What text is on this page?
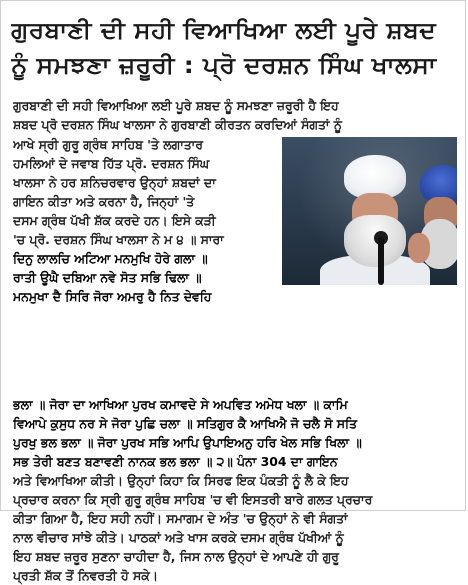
ਗੁਰਬਾਣੀ ਦੀ ਸਹੀ ਵਿਆਖਿਆ ਲਈ ਪੂਰੇ ਸ਼ਬਦ
ਨੂੰ ਸਮਝਣਾ ਜ਼ਰੂਰੀ : ਪ੍ਰੋ ਦਰਸ਼ਨ ਸਿੰਘ ਖਾਲਸਾ
ਗੁਰਬਾਣੀ ਦੀ ਸਹੀ ਵਿਆਖਿਆ ਲਈ ਪੂਰੇ ਸ਼ਬਦ ਨੂੰ ਸਮਝਣਾ ਜ਼ਰੂਰੀ ਹੈ ਇਹ
ਸ਼ਬਦ ਪ੍ਰੋ ਦਰਸ਼ਨ ਸਿੰਘ ਖਾਲਸਾ ਨੇ ਗੁਰਬਾਣੀ ਕੀਰਤਨ ਕਰਦਿਆਂ ਸੰਗਤਾਂ ਨੂੰ
ਆਖੇ ਸ੍ਰੀ ਗੁਰੂ ਗ੍ਰੰਥ ਸਾਹਿਬ 'ਤੇ ਲਗਾਤਾਰ
ਹਮਲਿਆਂ ਦੇ ਜਵਾਬ ਹਿੱਤ ਪ੍ਰੋ. ਦਰਸ਼ਨ ਸਿੰਘ
ਖਾਲਸਾ ਨੇ ਹਰ ਸ਼ਨਿਚਰਵਾਰ ਉਨ੍ਹਾਂ ਸ਼ਬਦਾਂ ਦਾ
ਗਾਇਨ ਕੀਤਾ ਅਤੇ ਕਰਨਾ ਹੈ, ਜਿਨ੍ਹਾਂ 'ਤੇ
ਦਸਮ ਗ੍ਰੰਥ ਪੱਖੀ ਸ਼ੱਕ ਕਰਦੇ ਹਨ। ਇਸੇ ਕੜੀ
'ਚ ਪ੍ਰੋ. ਦਰਸ਼ਨ ਸਿੰਘ ਖਾਲਸਾ ਨੇ ਮ ੪ ॥ ਸਾਰਾ
ਦਿਨੁ ਲਾਲਚਿ ਅਟਿਆ ਮਨਮੁਖਿ ਹੋਰੇ ਗਲਾ ॥
ਰਾਤੀ ਊਘੈ ਦਬਿਆ ਨਵੇ ਸੋਤ ਸਭਿ ਢਿਲਾ ॥
ਮਨਮੁਖਾ ਦੈ ਸਿਰਿ ਜੋਰਾ ਅਮਰੁ ਹੈ ਨਿਤ ਦੇਵਹਿ
ਭਲਾ ॥ ਜੋਰਾ ਦਾ ਆਖਿਆ ਪੁਰਖ ਕਮਾਵਦੇ ਸੇ ਅਪਵਿਤ ਅਮੇਧ ਖਲਾ ॥ ਕਾਮਿ
ਵਿਆਪੇ ਕੁਸੁਧ ਨਰ ਸੇ ਜੋਰਾ ਪੁਛਿ ਚਲਾ ॥ ਸਤਿਗੁਰ ਕੈ ਆਖਿਐ ਜੋ ਚਲੈ ਸੋ ਸਤਿ
ਪੁਰਖੁ ਭਲ ਭਲਾ ॥ ਜੋਰਾ ਪੁਰਖ ਸਭਿ ਆਪਿ ਉਪਾਇਅਨੁ ਹਰਿ ਖੇਲ ਸਭਿ ਖਿਲਾ ॥
ਸਭ ਤੇਰੀ ਬਣਤ ਬਣਾਵਣੀ ਨਾਨਕ ਭਲ ਭਲਾ ॥ ੨॥ ਪੰਨਾ 304 ਦਾ ਗਾਇਨ
ਅਤੇ ਵਿਆਖਿਆ ਕੀਤੀ। ਉਨ੍ਹਾਂ ਕਿਹਾ ਕਿ ਸਿਰਫ ਇਕ ਪੰਕਤੀ ਨੂੰ ਲੈ ਕੇ ਇਹ
ਪ੍ਰਚਾਰ ਕਰਨਾ ਕਿ ਸ੍ਰੀ ਗੁਰੂ ਗ੍ਰੰਥ ਸਾਹਿਬ 'ਚ ਵੀ ਇਸਤਰੀ ਬਾਰੇ ਗਲਤ ਪ੍ਰਚਾਰ
ਕੀਤਾ ਗਿਆ ਹੈ, ਇਹ ਸਹੀ ਨਹੀਂ। ਸਮਾਗਮ ਦੇ ਅੰਤ 'ਚ ਉਨ੍ਹਾਂ ਨੇ ਵੀ ਸੰਗਤਾਂ
ਨਾਲ ਵੀਚਾਰ ਸਾਂਝੇ ਕੀਤੇ। ਪਾਠਕਾਂ ਅਤੇ ਖਾਸ ਕਰਕੇ ਦਸਮ ਗ੍ਰੰਥ ਪੱਖੀਆਂ ਨੂੰ
ਇਹ ਸ਼ਬਦ ਜ਼ਰੂਰ ਸੁਣਨਾ ਚਾਹੀਦਾ ਹੈ, ਜਿਸ ਨਾਲ ਉਨ੍ਹਾਂ ਦੇ ਆਪਣੇ ਹੀ ਗੁਰੂ
ਪ੍ਰਤੀ ਸ਼ੱਕ ਤੋਂ ਨਿਵਰਤੀ ਹੋ ਸਕੇ।
